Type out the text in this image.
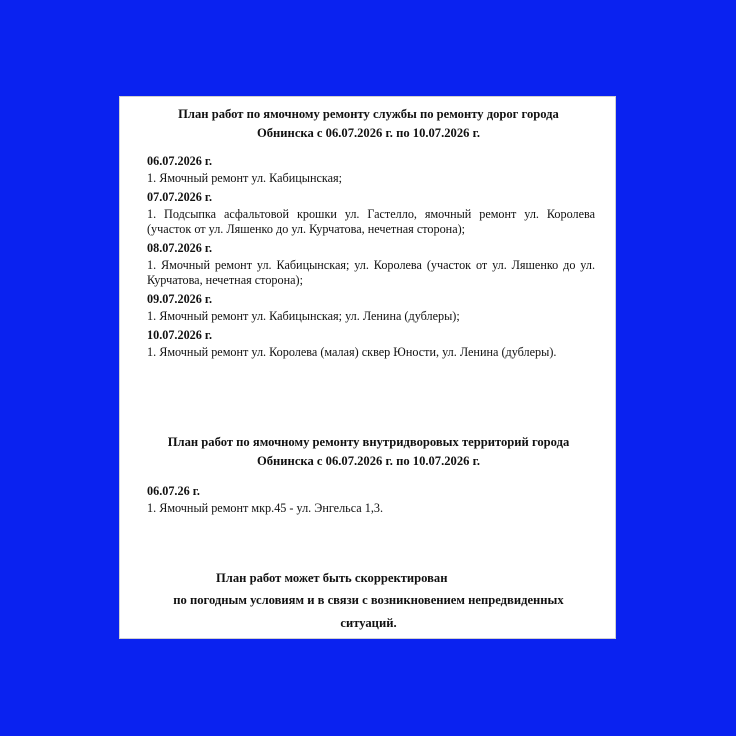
План работ по ямочному ремонту службы по ремонту дорог города
Обнинска с 06.07.2026 г. по 10.07.2026 г.
06.07.2026 г.
1. Ямочный ремонт ул. Кабицынская;
07.07.2026 г.
1. Подсыпка асфальтовой крошки ул. Гастелло, ямочный ремонт ул. Королева (участок от ул. Ляшенко до ул. Курчатова, нечетная сторона);
08.07.2026 г.
1. Ямочный ремонт ул. Кабицынская; ул. Королева (участок от ул. Ляшенко до ул. Курчатова, нечетная сторона);
09.07.2026 г.
1. Ямочный ремонт ул. Кабицынская; ул. Ленина (дублеры);
10.07.2026 г.
1. Ямочный ремонт ул. Королева (малая) сквер Юности, ул. Ленина (дублеры).
План работ по ямочному ремонту внутридворовых территорий города
Обнинска с 06.07.2026 г. по 10.07.2026 г.
06.07.26 г.
1. Ямочный ремонт мкр.45 - ул. Энгельса 1,3.
План работ может быть скорректирован
по погодным условиям и в связи с возникновением непредвиденных
ситуаций.
